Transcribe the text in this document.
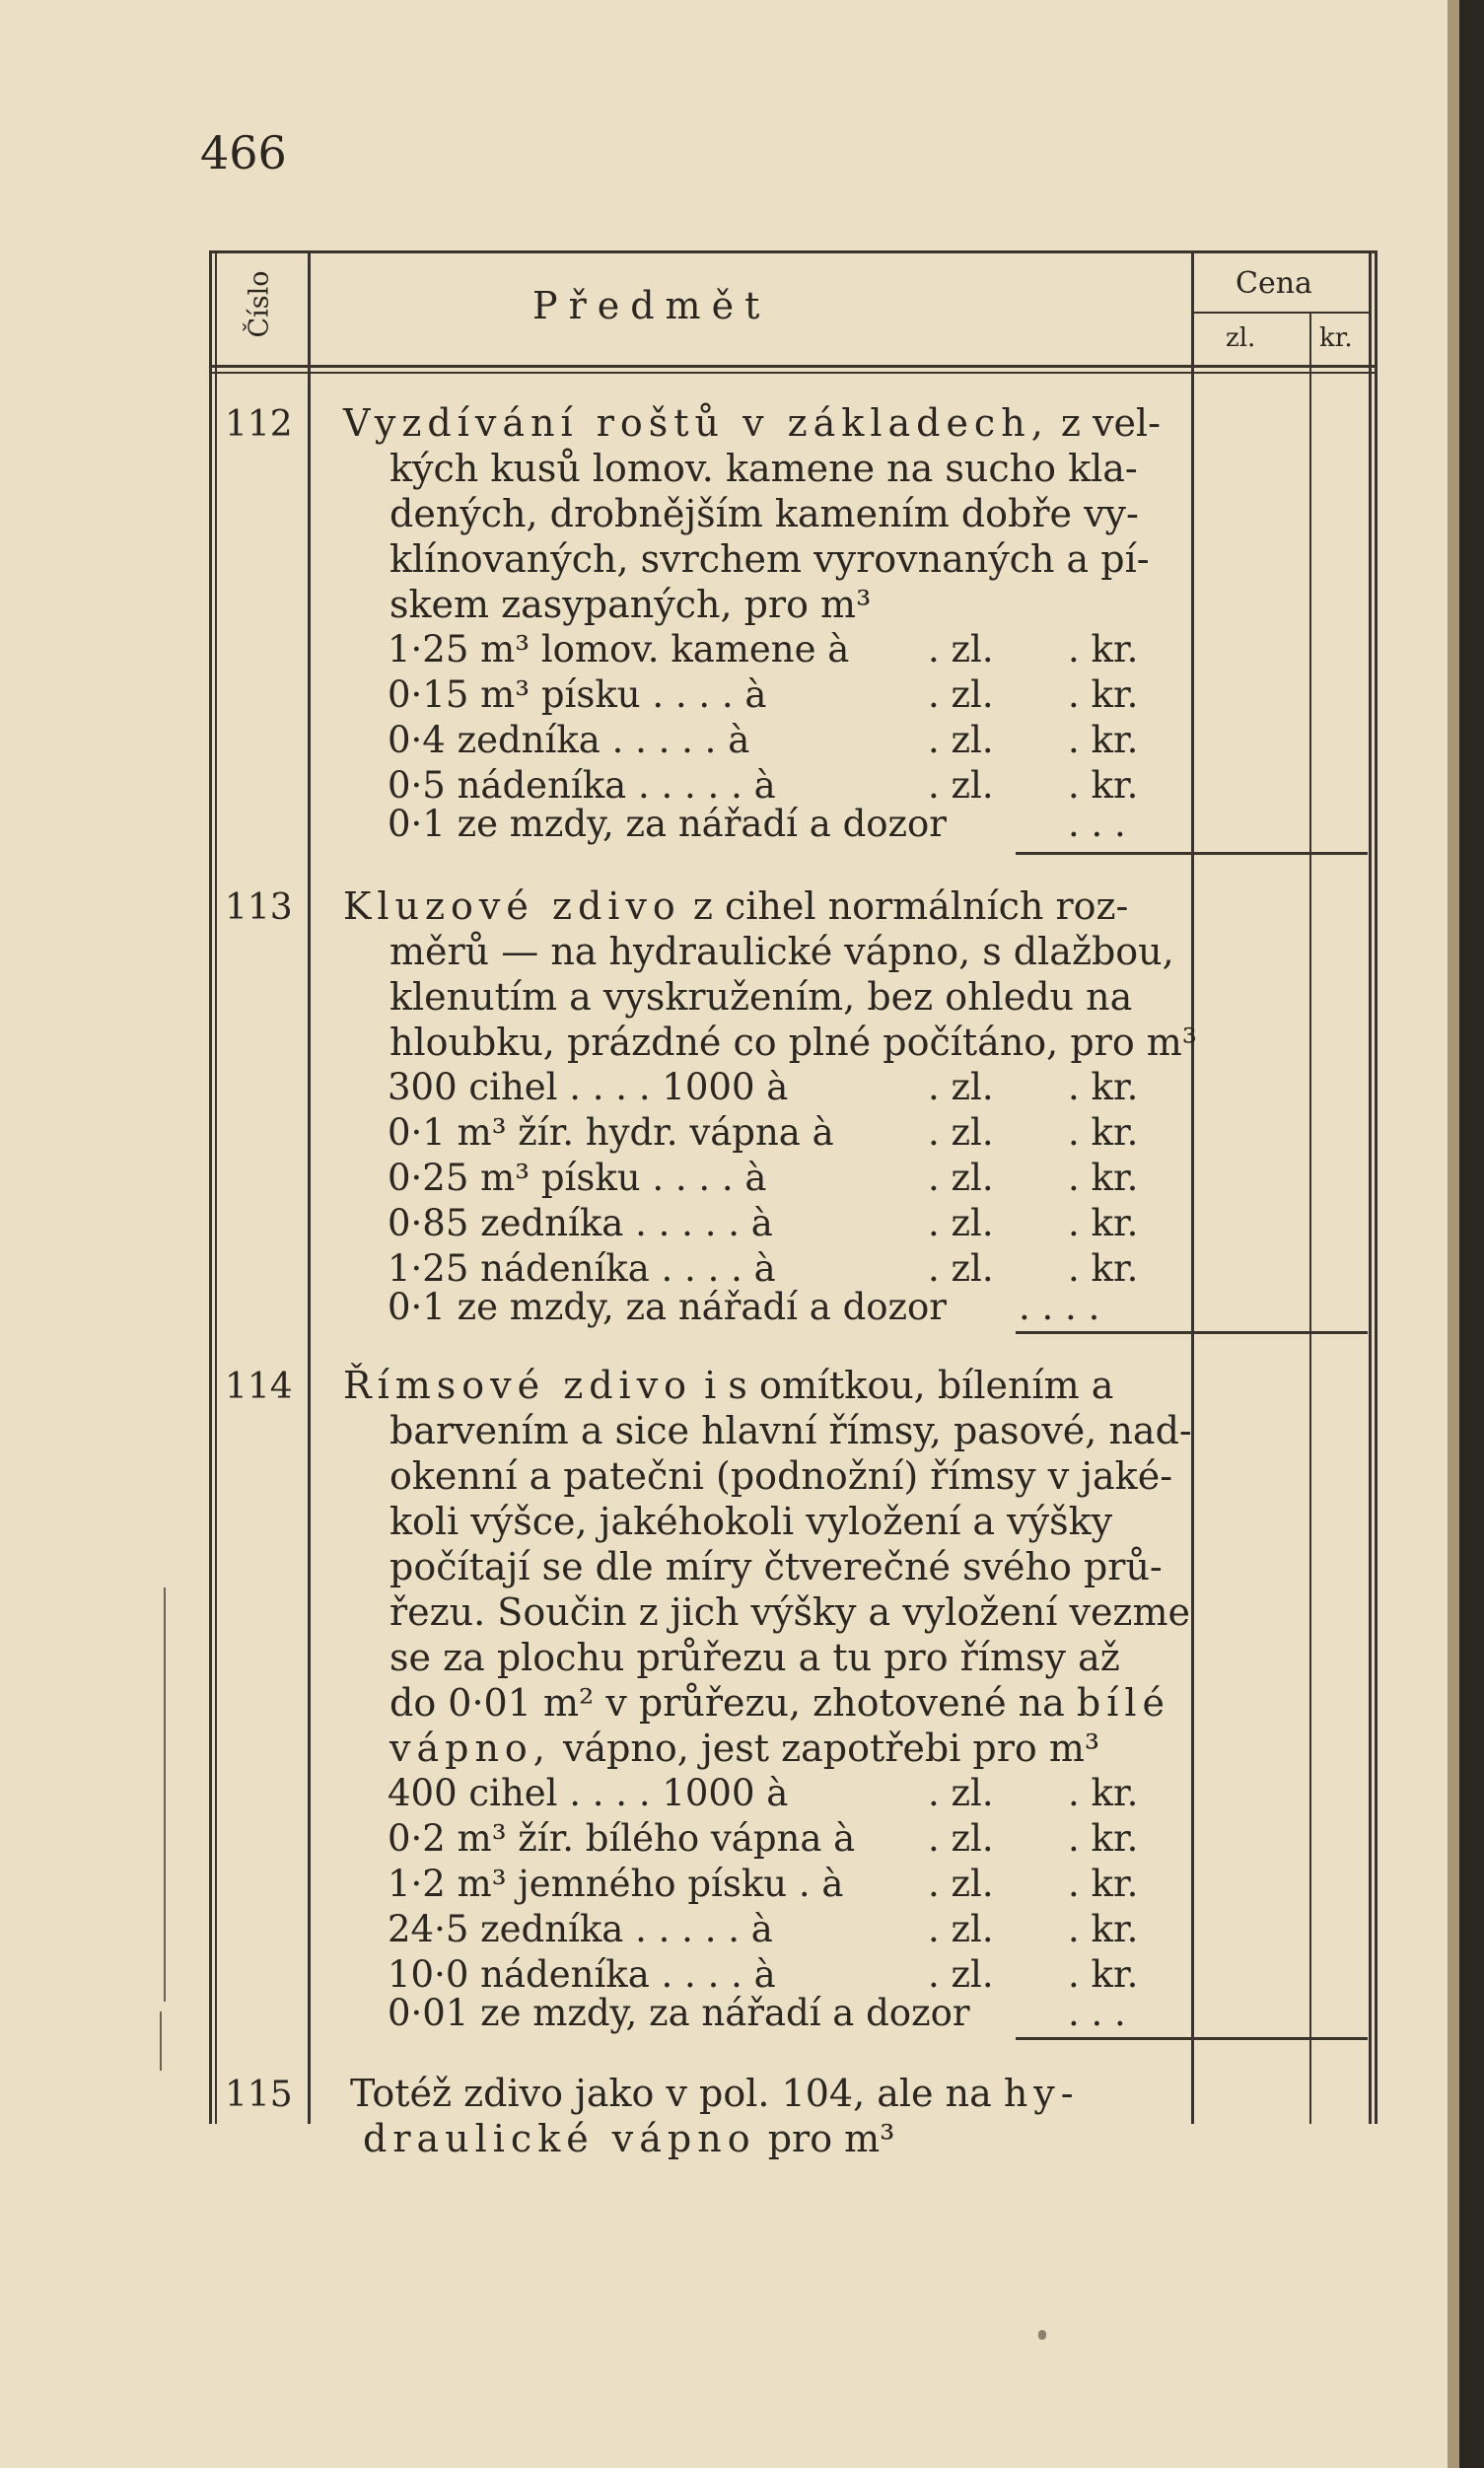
466
Číslo	Předmět
Cena
zl. kr.
112 Vyzdívání roštů v základech, z vel-
kých kusů lomov. kamene na sucho kla-
dených, drobnějším kamením dobře vy-
klínovaných, svrchem vyrovnaných a pí-
skem zasypaných, pro m³
1·25 m³ lomov. kamene à . zl. . kr.
0·15 m³ písku . . . . à	. zl. . kr.
0·4 zedníka . . . . . à	. zl. . kr.
0·5 nádeníka . . . . . à	. zl. . kr.
0·1 ze mzdy, za nářadí a dozor	. . .
113 Kluzové zdivo z cihel normálních roz-
měrů — na hydraulické vápno, s dlažbou,
klenutím a vyskružením, bez ohledu na
hloubku, prázdné co plné počítáno, pro m³
300 cihel . . . . 1000 à	. zl. . kr.
0·1 m³ žír. hydr. vápna à	. zl. . kr.
0·25 m³ písku . . . . à	. zl. . kr.
0·85 zedníka . . . . . à	. zl. . kr.
1·25 nádeníka . . . . à	. zl. . kr.
0·1 ze mzdy, za nářadí a dozor . . . .
114 Římsové zdivo i s omítkou, bílením a
barvením a sice hlavní římsy, pasové, nad-
okenní a patečni (podnožní) římsy v jaké-
koli výšce, jakéhokoli vyložení a výšky
počítají se dle míry čtverečné svého prů-
řezu. Součin z jich výšky a vyložení vezme
se za plochu průřezu a tu pro římsy až
do 0·01 m² v průřezu, zhotovené na bílé
vápno, vápno, jest zapotřebi pro m³
400 cihel . . . . 1000 à	. zl. . kr.
0·2 m³ žír. bílého vápna à . zl. . kr.
1·2 m³ jemného písku . à . zl. . kr.
24·5 zedníka . . . . . à	. zl. . kr.
10·0 nádeníka . . . . à	. zl. . kr.
0·01 ze mzdy, za nářadí a dozor	. . .
115 Totéž zdivo jako v pol. 104, ale na hy-
draulické vápno pro m³
